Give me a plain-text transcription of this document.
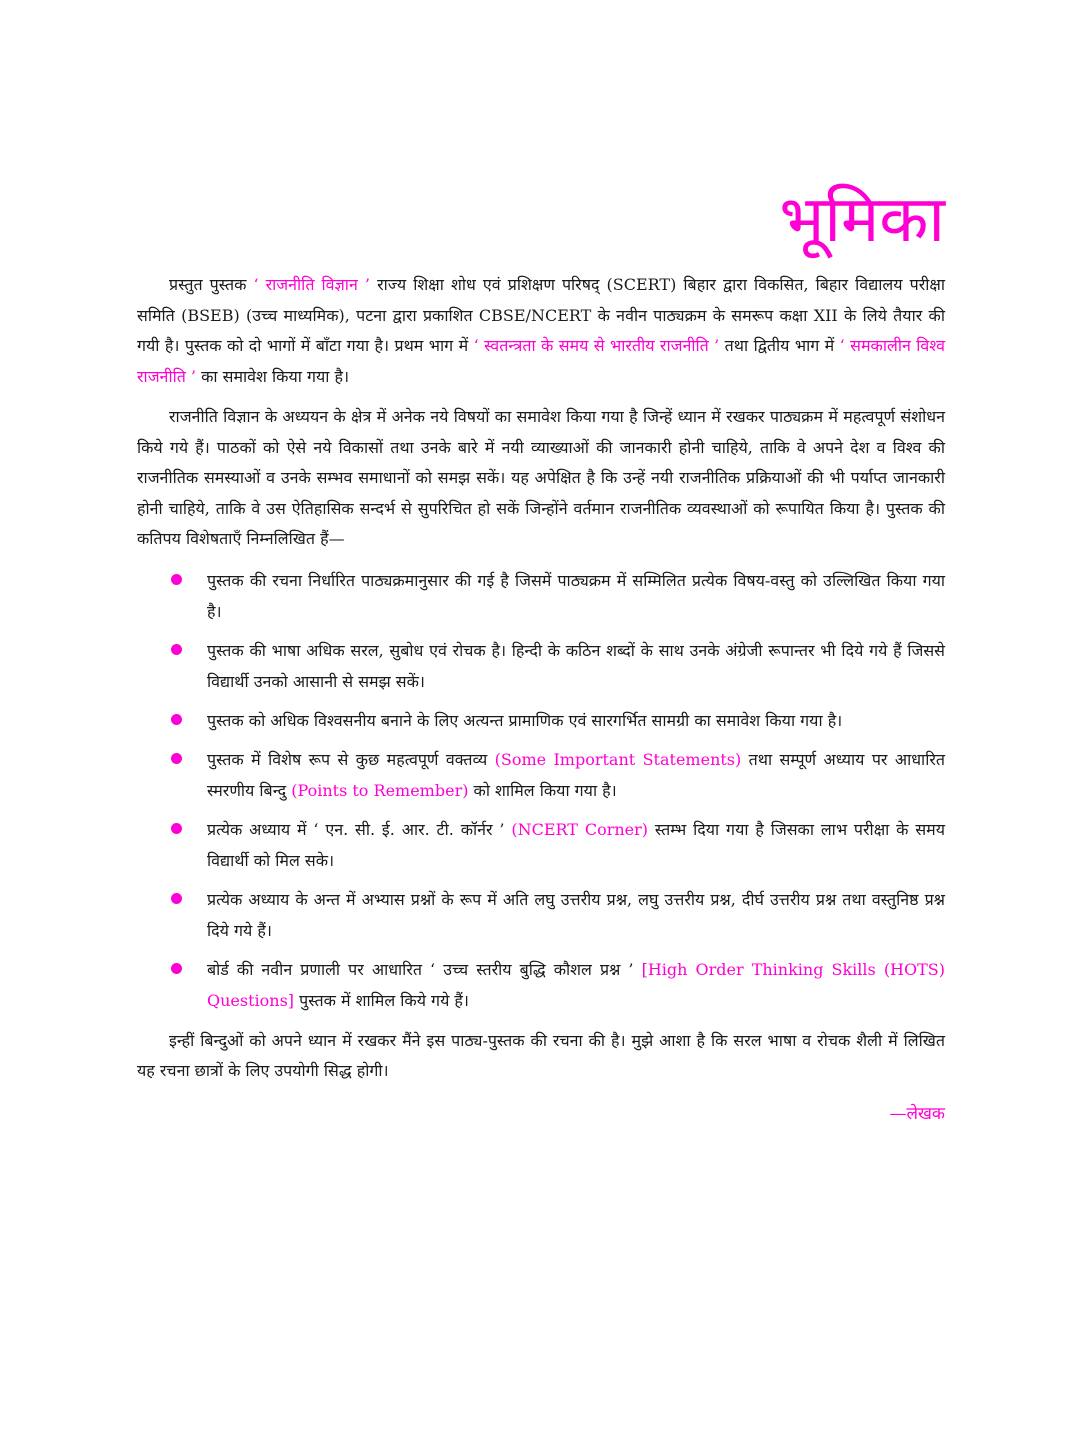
भूमिका

प्रस्तुत पुस्तक ‘ राजनीति विज्ञान ’ राज्य शिक्षा शोध एवं प्रशिक्षण परिषद् (SCERT) बिहार द्वारा विकसित, बिहार विद्यालय परीक्षा समिति (BSEB) (उच्च माध्यमिक), पटना द्वारा प्रकाशित CBSE/NCERT के नवीन पाठ्यक्रम के समरूप कक्षा XII के लिये तैयार की गयी है। पुस्तक को दो भागों में बाँटा गया है। प्रथम भाग में ‘ स्वतन्त्रता के समय से भारतीय राजनीति ’ तथा द्वितीय भाग में ‘ समकालीन विश्व राजनीति ’ का समावेश किया गया है।

राजनीति विज्ञान के अध्ययन के क्षेत्र में अनेक नये विषयों का समावेश किया गया है जिन्हें ध्यान में रखकर पाठ्यक्रम में महत्वपूर्ण संशोधन किये गये हैं। पाठकों को ऐसे नये विकासों तथा उनके बारे में नयी व्याख्याओं की जानकारी होनी चाहिये, ताकि वे अपने देश व विश्व की राजनीतिक समस्याओं व उनके सम्भव समाधानों को समझ सकें। यह अपेक्षित है कि उन्हें नयी राजनीतिक प्रक्रियाओं की भी पर्याप्त जानकारी होनी चाहिये, ताकि वे उस ऐतिहासिक सन्दर्भ से सुपरिचित हो सकें जिन्होंने वर्तमान राजनीतिक व्यवस्थाओं को रूपायित किया है। पुस्तक की कतिपय विशेषताएँ निम्नलिखित हैं—

पुस्तक की रचना निर्धारित पाठ्यक्रमानुसार की गई है जिसमें पाठ्यक्रम में सम्मिलित प्रत्येक विषय-वस्तु को उल्लिखित किया गया है।
पुस्तक की भाषा अधिक सरल, सुबोध एवं रोचक है। हिन्दी के कठिन शब्दों के साथ उनके अंग्रेजी रूपान्तर भी दिये गये हैं जिससे विद्यार्थी उनको आसानी से समझ सकें।
पुस्तक को अधिक विश्वसनीय बनाने के लिए अत्यन्त प्रामाणिक एवं सारगर्भित सामग्री का समावेश किया गया है।
पुस्तक में विशेष रूप से कुछ महत्वपूर्ण वक्तव्य (Some Important Statements) तथा सम्पूर्ण अध्याय पर आधारित स्मरणीय बिन्दु (Points to Remember) को शामिल किया गया है।
प्रत्येक अध्याय में ‘ एन. सी. ई. आर. टी. कॉर्नर ’ (NCERT Corner) स्तम्भ दिया गया है जिसका लाभ परीक्षा के समय विद्यार्थी को मिल सके।
प्रत्येक अध्याय के अन्त में अभ्यास प्रश्नों के रूप में अति लघु उत्तरीय प्रश्न, लघु उत्तरीय प्रश्न, दीर्घ उत्तरीय प्रश्न तथा वस्तुनिष्ठ प्रश्न दिये गये हैं।
बोर्ड की नवीन प्रणाली पर आधारित ‘ उच्च स्तरीय बुद्धि कौशल प्रश्न ’ [High Order Thinking Skills (HOTS) Questions] पुस्तक में शामिल किये गये हैं।

इन्हीं बिन्दुओं को अपने ध्यान में रखकर मैंने इस पाठ्य-पुस्तक की रचना की है। मुझे आशा है कि सरल भाषा व रोचक शैली में लिखित यह रचना छात्रों के लिए उपयोगी सिद्ध होगी।

—लेखक
